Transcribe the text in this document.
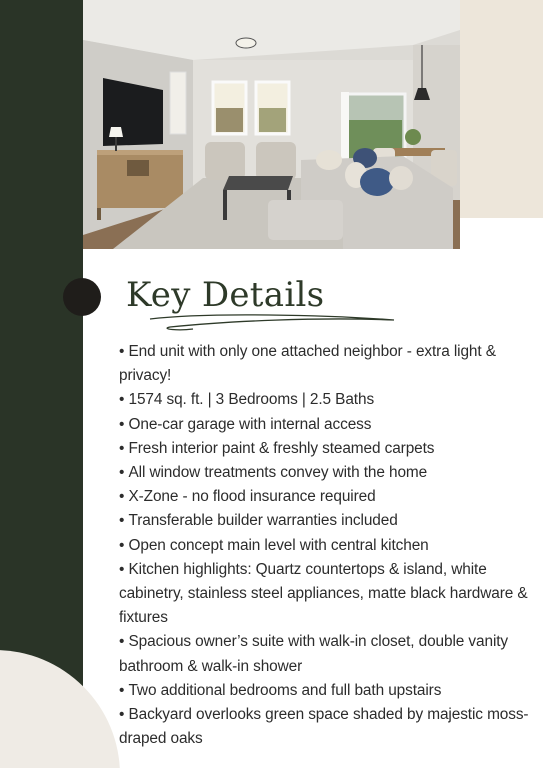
Key Details
• End unit with only one attached neighbor - extra light & privacy!
• 1574 sq. ft. | 3 Bedrooms | 2.5 Baths
• One-car garage with internal access
• Fresh interior paint & freshly steamed carpets
• All window treatments convey with the home
• X-Zone - no flood insurance required
• Transferable builder warranties included
• Open concept main level with central kitchen
• Kitchen highlights: Quartz countertops & island, white cabinetry, stainless steel appliances, matte black hardware & fixtures
• Spacious owner’s suite with walk-in closet, double vanity bathroom & walk-in shower
• Two additional bedrooms and full bath upstairs
• Backyard overlooks green space shaded by majestic moss-draped oaks
